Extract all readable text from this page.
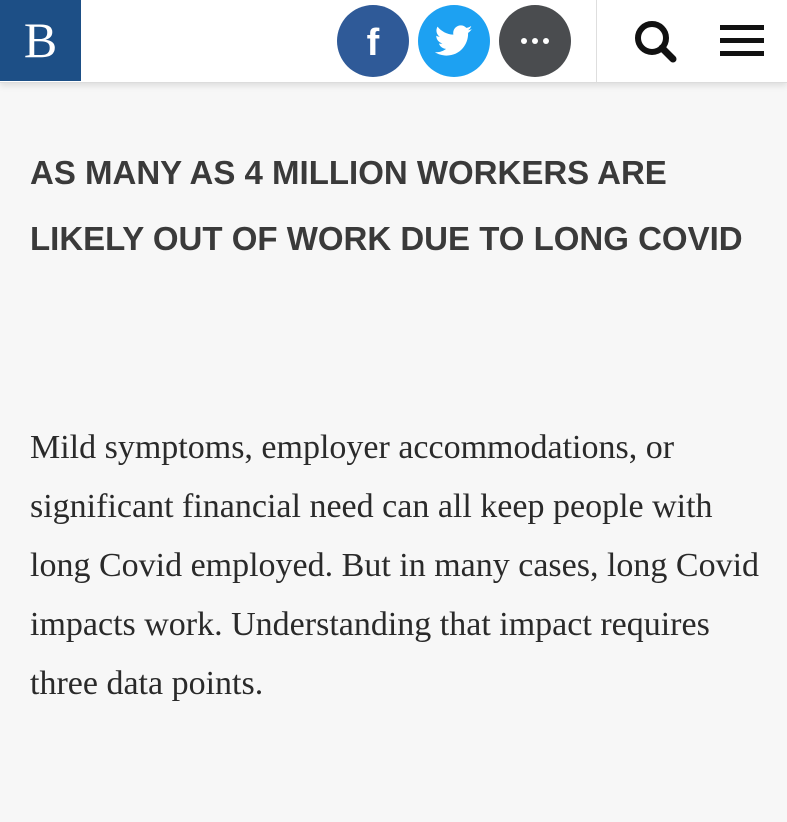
B	f
AS MANY AS 4 MILLION WORKERS ARE LIKELY OUT OF WORK DUE TO LONG COVID

Mild symptoms, employer accommodations, or significant financial need can all keep people with long Covid employed. But in many cases, long Covid impacts work. Understanding that impact requires three data points.
